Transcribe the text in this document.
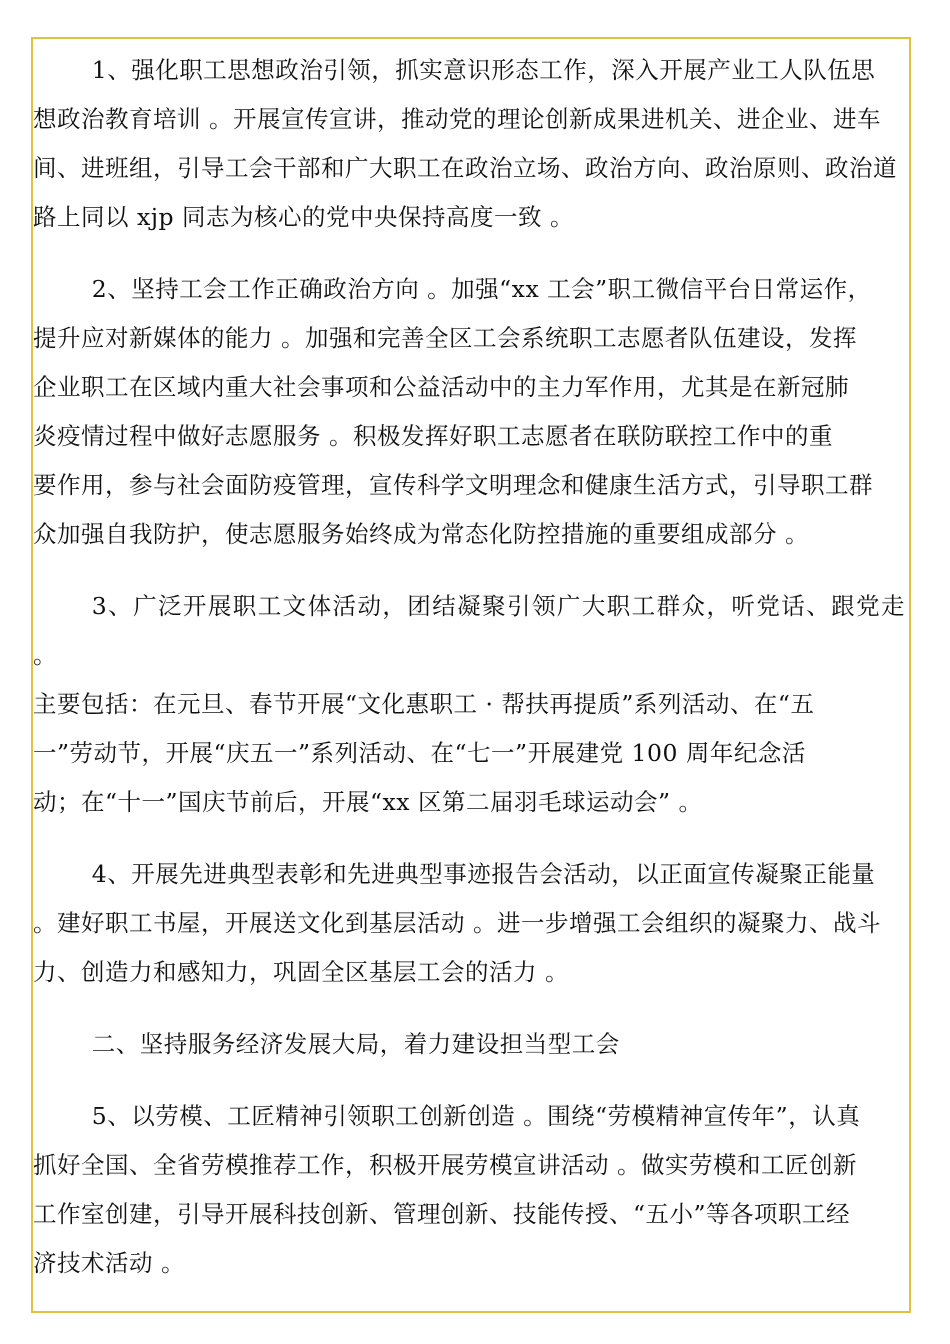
1、强化职工思想政治引领，抓实意识形态工作，深入开展产业工人队伍思
想政治教育培训 。开展宣传宣讲，推动党的理论创新成果进机关、进企业、进车
间、进班组，引导工会干部和广大职工在政治立场、政治方向、政治原则、政治道
路上同以 xjp 同志为核心的党中央保持高度一致 。

2、坚持工会工作正确政治方向 。加强“xx 工会”职工微信平台日常运作，
提升应对新媒体的能力 。加强和完善全区工会系统职工志愿者队伍建设，发挥
企业职工在区域内重大社会事项和公益活动中的主力军作用，尤其是在新冠肺
炎疫情过程中做好志愿服务 。积极发挥好职工志愿者在联防联控工作中的重
要作用，参与社会面防疫管理，宣传科学文明理念和健康生活方式，引导职工群
众加强自我防护，使志愿服务始终成为常态化防控措施的重要组成部分 。

3、广泛开展职工文体活动，团结凝聚引领广大职工群众，听党话、跟党走 。
主要包括：在元旦、春节开展“文化惠职工 · 帮扶再提质”系列活动、在“五
一”劳动节，开展“庆五一”系列活动、在“七一”开展建党 100 周年纪念活
动；在“十一”国庆节前后，开展“xx 区第二届羽毛球运动会” 。

4、开展先进典型表彰和先进典型事迹报告会活动，以正面宣传凝聚正能量
。建好职工书屋，开展送文化到基层活动 。进一步增强工会组织的凝聚力、战斗
力、创造力和感知力，巩固全区基层工会的活力 。

二、坚持服务经济发展大局，着力建设担当型工会

5、以劳模、工匠精神引领职工创新创造 。围绕“劳模精神宣传年”，认真
抓好全国、全省劳模推荐工作，积极开展劳模宣讲活动 。做实劳模和工匠创新
工作室创建，引导开展科技创新、管理创新、技能传授、“五小”等各项职工经
济技术活动 。
